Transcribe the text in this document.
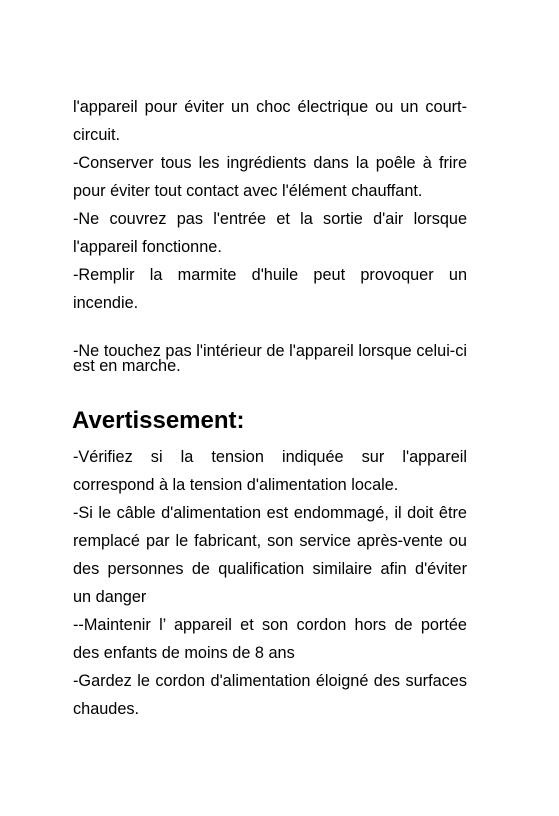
l'appareil pour éviter un choc électrique ou un court-circuit.

-Conserver tous les ingrédients dans la poêle à frire pour éviter tout contact avec l'élément chauffant.

-Ne couvrez pas l'entrée et la sortie d'air lorsque l'appareil fonctionne.

-Remplir la marmite d'huile peut provoquer un incendie.

-Ne touchez pas l'intérieur de l'appareil lorsque celui-ci est en marche.

Avertissement:

-Vérifiez si la tension indiquée sur l'appareil correspond à la tension d'alimentation locale.

-Si le câble d'alimentation est endommagé, il doit être remplacé par le fabricant, son service après-vente ou des personnes de qualification similaire afin d'éviter un danger

--Maintenir l’ appareil et son cordon hors de portée des enfants de moins de 8 ans

-Gardez le cordon d'alimentation éloigné des surfaces chaudes.
